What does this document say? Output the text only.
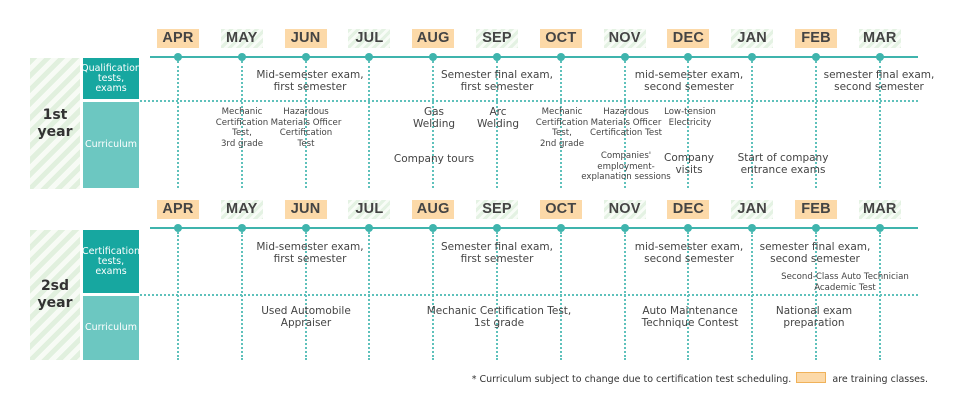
APR	MAY	JUN	JUL	AUG	SEP	OCT	NOV	DEC	JAN	FEB	MAR
1st
year
Qualification
tests,
exams
Curriculum
Mid-semester exam,
first semester
Semester final exam,
first semester
mid-semester exam,
second semester
semester final exam,
second semester
Mechanic
Certification
Test,
3rd grade
Hazardous
Materials Officer
Certification
Test
Gas
Welding
Company tours
Arc
Welding
Mechanic
Certification
Test,
2nd grade
Hazardous
Materials Officer
Certification Test
Companies'
employment-
explanation sessions
Low-tension
Electricity
Company
visits
Start of company
entrance exams
APR	MAY	JUN	JUL	AUG	SEP	OCT	NOV	DEC	JAN	FEB	MAR
2sd
year
Certification
tests,
exams
Curriculum
Mid-semester exam,
first semester
Semester final exam,
first semester
mid-semester exam,
second semester
semester final exam,
second semester
Second-Class Auto Technician
Academic Test
Used Automobile
Appraiser
Mechanic Certification Test,
1st grade
Auto Maintenance
Technique Contest
National exam
preparation
* Curriculum subject to change due to certification test scheduling.	are training classes.
